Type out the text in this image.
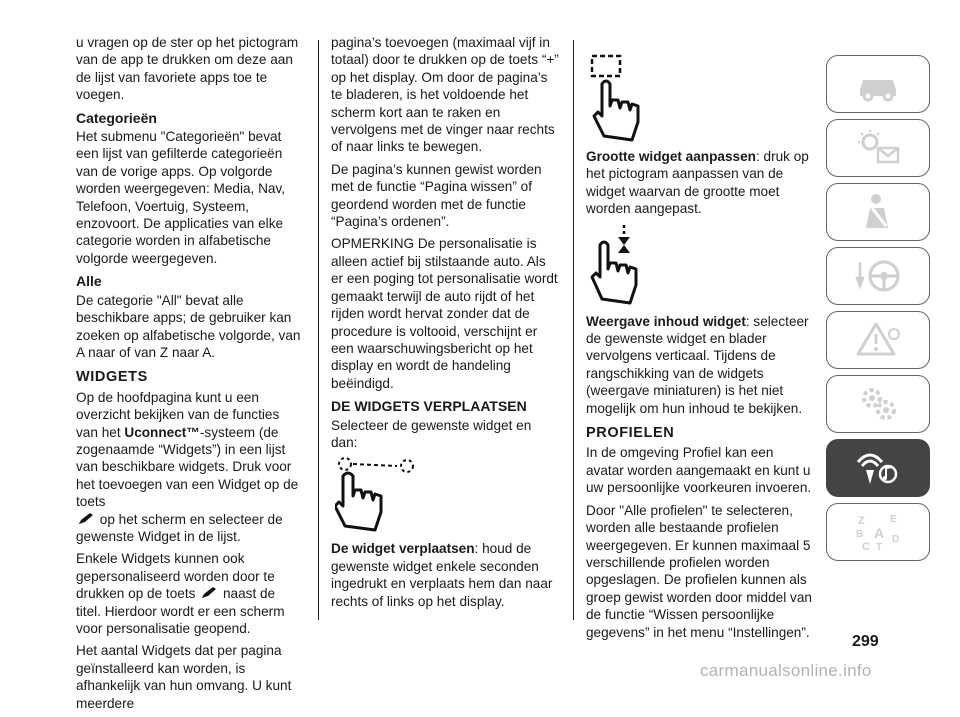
u vragen op de ster op het pictogram van de app te drukken om deze aan de lijst van favoriete apps toe te voegen.

Categorieën

Het submenu "Categorieën" bevat een lijst van gefilterde categorieën van de vorige apps. Op volgorde worden weergegeven: Media, Nav, Telefoon, Voertuig, Systeem, enzovoort. De applicaties van elke categorie worden in alfabetische volgorde weergegeven.

Alle

De categorie "All" bevat alle beschikbare apps; de gebruiker kan zoeken op alfabetische volgorde, van A naar of van Z naar A.

WIDGETS

Op de hoofdpagina kunt u een overzicht bekijken van de functies van het Uconnect™-systeem (de zogenaamde “Widgets”) in een lijst van beschikbare widgets. Druk voor het toevoegen van een Widget op de toets
op het scherm en selecteer de gewenste Widget in de lijst.

Enkele Widgets kunnen ook gepersonaliseerd worden door te drukken op de toets  naast de titel. Hierdoor wordt er een scherm voor personalisatie geopend.

Het aantal Widgets dat per pagina geïnstalleerd kan worden, is afhankelijk van hun omvang. U kunt meerdere

pagina’s toevoegen (maximaal vijf in totaal) door te drukken op de toets “+” op het display. Om door de pagina’s te bladeren, is het voldoende het scherm kort aan te raken en vervolgens met de vinger naar rechts of naar links te bewegen.

De pagina’s kunnen gewist worden met de functie “Pagina wissen” of geordend worden met de functie “Pagina’s ordenen”.

OPMERKING De personalisatie is alleen actief bij stilstaande auto. Als er een poging tot personalisatie wordt gemaakt terwijl de auto rijdt of het rijden wordt hervat zonder dat de procedure is voltooid, verschijnt er een waarschuwingsbericht op het display en wordt de handeling beëindigd.

DE WIDGETS VERPLAATSEN

Selecteer de gewenste widget en dan:

De widget verplaatsen: houd de gewenste widget enkele seconden ingedrukt en verplaats hem dan naar rechts of links op het display.

Grootte widget aanpassen: druk op het pictogram aanpassen van de widget waarvan de grootte moet worden aangepast.

Weergave inhoud widget: selecteer de gewenste widget en blader vervolgens verticaal. Tijdens de rangschikking van de widgets (weergave miniaturen) is het niet mogelijk om hun inhoud te bekijken.

PROFIELEN

In de omgeving Profiel kan een avatar worden aangemaakt en kunt u uw persoonlijke voorkeuren invoeren.

Door "Alle profielen" te selecteren, worden alle bestaande profielen weergegeven. Er kunnen maximaal 5 verschillende profielen worden opgeslagen. De profielen kunnen als groep gewist worden door middel van de functie “Wissen persoonlijke gegevens” in het menu “Instellingen”.

Z	E
B A
C T
D
299
carmanualsonline.info
